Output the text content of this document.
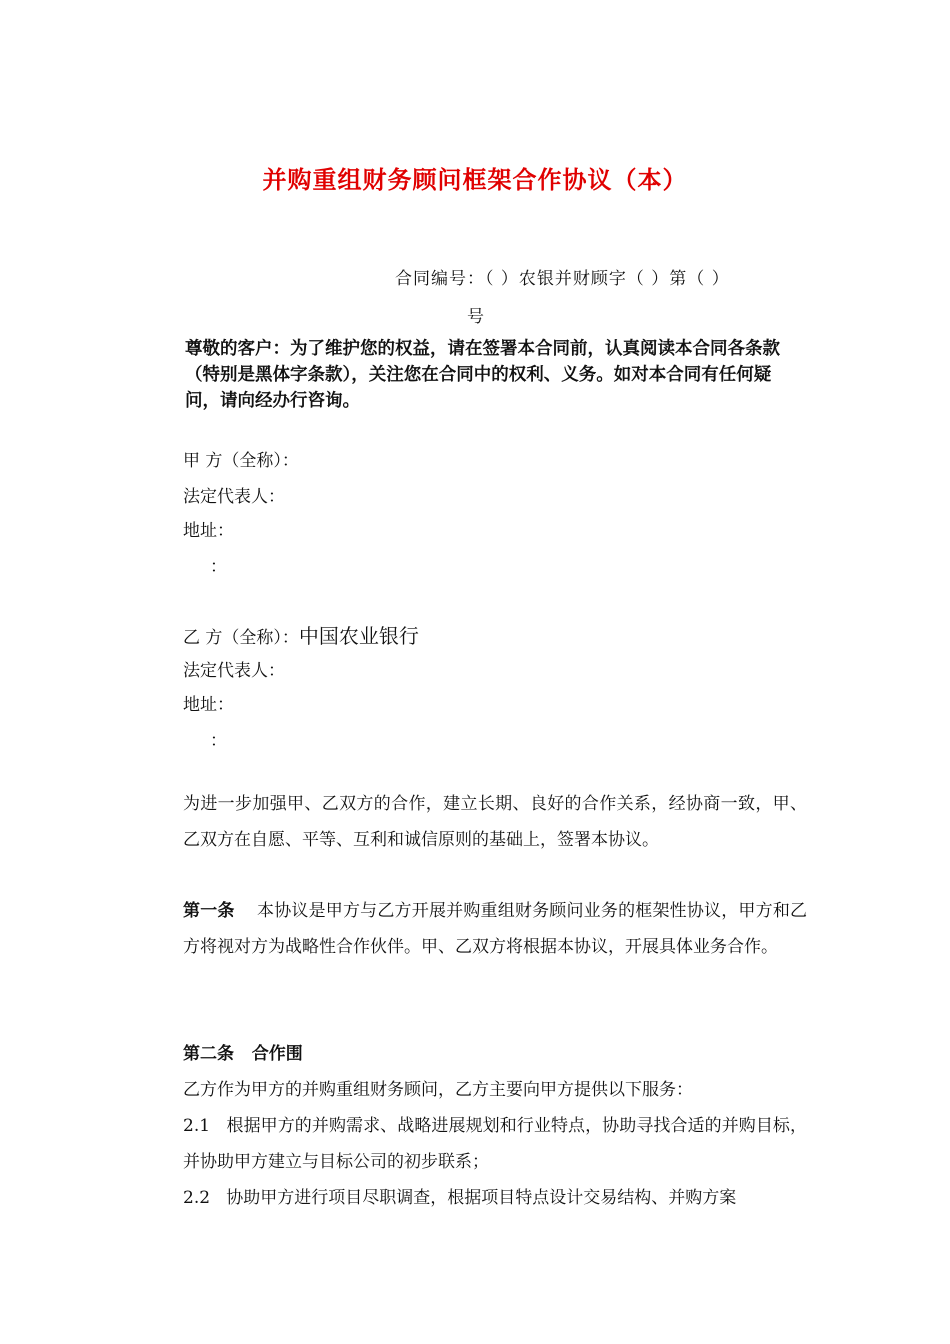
并购重组财务顾问框架合作协议（本）
合同编号：（ ）农银并财顾字（ ）第（ ）
号
尊敬的客户：为了维护您的权益，请在签署本合同前，认真阅读本合同各条款（特别是黑体字条款），关注您在合同中的权利、义务。如对本合同有任何疑问，请向经办行咨询。
甲 方（全称）：
法定代表人：
地址：
：
乙 方（全称）：中国农业银行
法定代表人：
地址：
：
为进一步加强甲、乙双方的合作，建立长期、良好的合作关系，经协商一致，甲、乙双方在自愿、平等、互利和诚信原则的基础上，签署本协议。
第一条 本协议是甲方与乙方开展并购重组财务顾问业务的框架性协议，甲方和乙方将视对方为战略性合作伙伴。甲、乙双方将根据本协议，开展具体业务合作。
第二条 合作围
乙方作为甲方的并购重组财务顾问，乙方主要向甲方提供以下服务：
2.1 根据甲方的并购需求、战略进展规划和行业特点，协助寻找合适的并购目标，并协助甲方建立与目标公司的初步联系；
2.2 协助甲方进行项目尽职调查，根据项目特点设计交易结构、并购方案
